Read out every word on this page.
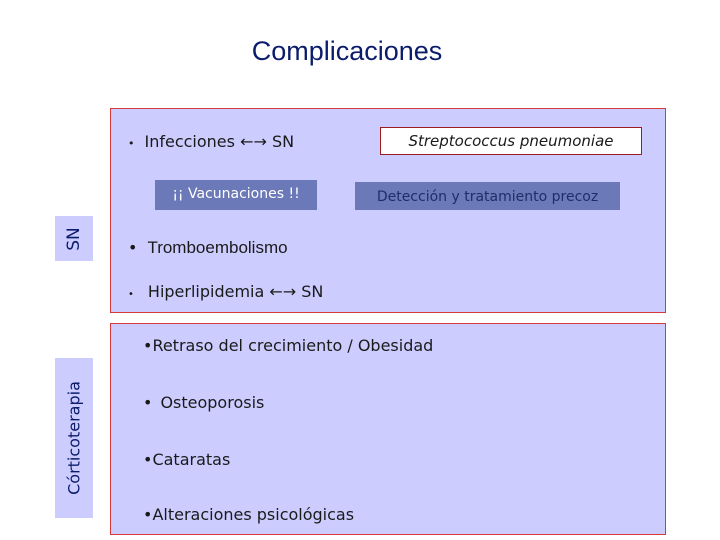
Complicaciones
SN
• Infecciones ←→ SN	Streptococcus pneumoniae
¡¡ Vacunaciones !!	Detección y tratamiento precoz
• Tromboembolismo
• Hiperlipidemia ←→ SN
Córticoterapia
•Retraso del crecimiento / Obesidad
• Osteoporosis
•Cataratas
•Alteraciones psicológicas
